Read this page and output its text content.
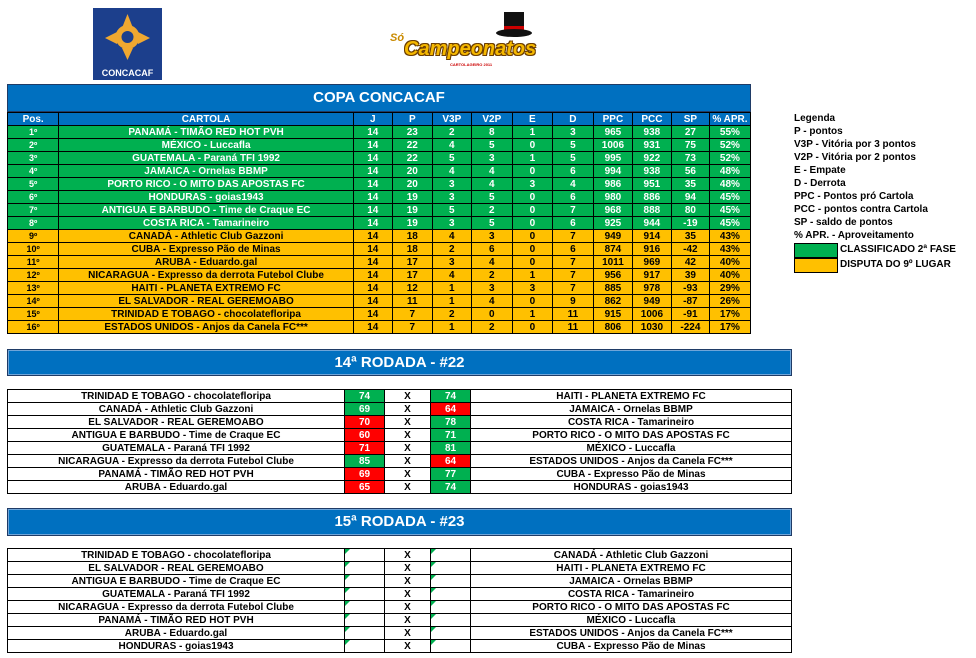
CONCACAF
Só Campeonatos
CARTOLAGEIRO 2011
COPA CONCACAF
Pos.	CARTOLA	J	P	V3P	V2P	E	D	PPC	PCC	SP	% APR.
1º	PANAMÁ - TIMÃO RED HOT PVH	14	23	2	8	1	3	965	938	27	55%
2º	MÉXICO - Luccafla	14	22	4	5	0	5	1006	931	75	52%
3º	GUATEMALA - Paraná TFI 1992	14	22	5	3	1	5	995	922	73	52%
4º	JAMAICA - Ornelas BBMP	14	20	4	4	0	6	994	938	56	48%
5º	PORTO RICO - O MITO DAS APOSTAS FC	14	20	3	4	3	4	986	951	35	48%
6º	HONDURAS - goias1943	14	19	3	5	0	6	980	886	94	45%
7º	ANTIGUA E BARBUDO - Time de Craque EC	14	19	5	2	0	7	968	888	80	45%
8º	COSTA RICA - Tamarineiro	14	19	3	5	0	6	925	944	-19	45%
9º	CANADÁ - Athletic Club Gazzoni	14	18	4	3	0	7	949	914	35	43%
10º	CUBA - Expresso Pão de Minas	14	18	2	6	0	6	874	916	-42	43%
11º	ARUBA - Eduardo.gal	14	17	3	4	0	7	1011	969	42	40%
12º	NICARAGUA - Expresso da derrota Futebol Clube	14	17	4	2	1	7	956	917	39	40%
13º	HAITI - PLANETA EXTREMO FC	14	12	1	3	3	7	885	978	-93	29%
14º	EL SALVADOR - REAL GEREMOABO	14	11	1	4	0	9	862	949	-87	26%
15º	TRINIDAD E TOBAGO - chocolatefloripa	14	7	2	0	1	11	915	1006	-91	17%
16º	ESTADOS UNIDOS - Anjos da Canela FC***	14	7	1	2	0	11	806	1030	-224	17%
Legenda
P - pontos
V3P - Vitória por 3 pontos
V2P - Vitória por 2 pontos
E - Empate
D - Derrota
PPC - Pontos pró Cartola
PCC - pontos contra Cartola
SP - saldo de pontos
% APR. - Aproveitamento
CLASSIFICADO 2ª FASE
DISPUTA DO 9º LUGAR
14ª RODADA - #22
TRINIDAD E TOBAGO - chocolatefloripa	74	X	74	HAITI - PLANETA EXTREMO FC
CANADÁ - Athletic Club Gazzoni	69	X	64	JAMAICA - Ornelas BBMP
EL SALVADOR - REAL GEREMOABO	70	X	78	COSTA RICA - Tamarineiro
ANTIGUA E BARBUDO - Time de Craque EC	60	X	71	PORTO RICO - O MITO DAS APOSTAS FC
GUATEMALA - Paraná TFI 1992	71	X	81	MÉXICO - Luccafla
NICARAGUA - Expresso da derrota Futebol Clube	85	X	64	ESTADOS UNIDOS - Anjos da Canela FC***
PANAMÁ - TIMÃO RED HOT PVH	69	X	77	CUBA - Expresso Pão de Minas
ARUBA - Eduardo.gal	65	X	74	HONDURAS - goias1943
15ª RODADA - #23
TRINIDAD E TOBAGO - chocolatefloripa		X		CANADÁ - Athletic Club Gazzoni
EL SALVADOR - REAL GEREMOABO		X		HAITI - PLANETA EXTREMO FC
ANTIGUA E BARBUDO - Time de Craque EC		X		JAMAICA - Ornelas BBMP
GUATEMALA - Paraná TFI 1992		X		COSTA RICA - Tamarineiro
NICARAGUA - Expresso da derrota Futebol Clube		X		PORTO RICO - O MITO DAS APOSTAS FC
PANAMÁ - TIMÃO RED HOT PVH		X		MÉXICO - Luccafla
ARUBA - Eduardo.gal		X		ESTADOS UNIDOS - Anjos da Canela FC***
HONDURAS - goias1943		X		CUBA - Expresso Pão de Minas
